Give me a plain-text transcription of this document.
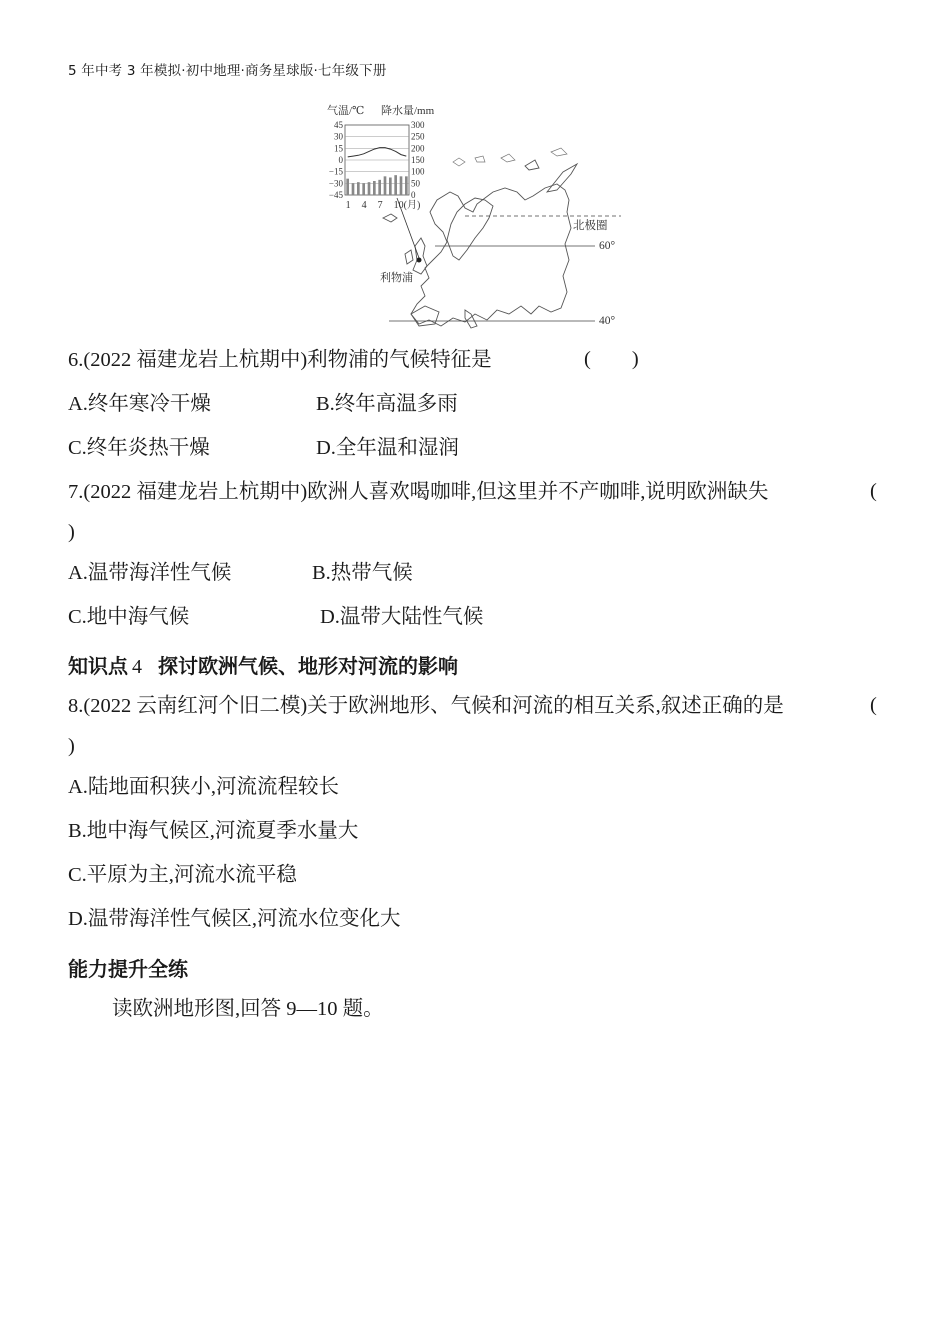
5 年中考 3 年模拟·初中地理·商务星球版·七年级下册
北极圈
60°
40°
利物浦
气温/℃ 降水量/mm
45
30
15
0
−15
−30
−45
300
250
200
150
100
50
0
1 4 7 10(月)
6.(2022 福建龙岩上杭期中)利物浦的气候特征是	(        )
A.终年寒冷干燥	B.终年高温多雨
C.终年炎热干燥	D.全年温和湿润
7.(2022 福建龙岩上杭期中)欧洲人喜欢喝咖啡,但这里并不产咖啡,说明欧洲缺失	(
)
A.温带海洋性气候	B.热带气候
C.地中海气候	D.温带大陆性气候
知识点 4 探讨欧洲气候、地形对河流的影响
8.(2022 云南红河个旧二模)关于欧洲地形、气候和河流的相互关系,叙述正确的是	(
)
A.陆地面积狭小,河流流程较长
B.地中海气候区,河流夏季水量大
C.平原为主,河流水流平稳
D.温带海洋性气候区,河流水位变化大
能力提升全练
读欧洲地形图,回答 9—10 题。
